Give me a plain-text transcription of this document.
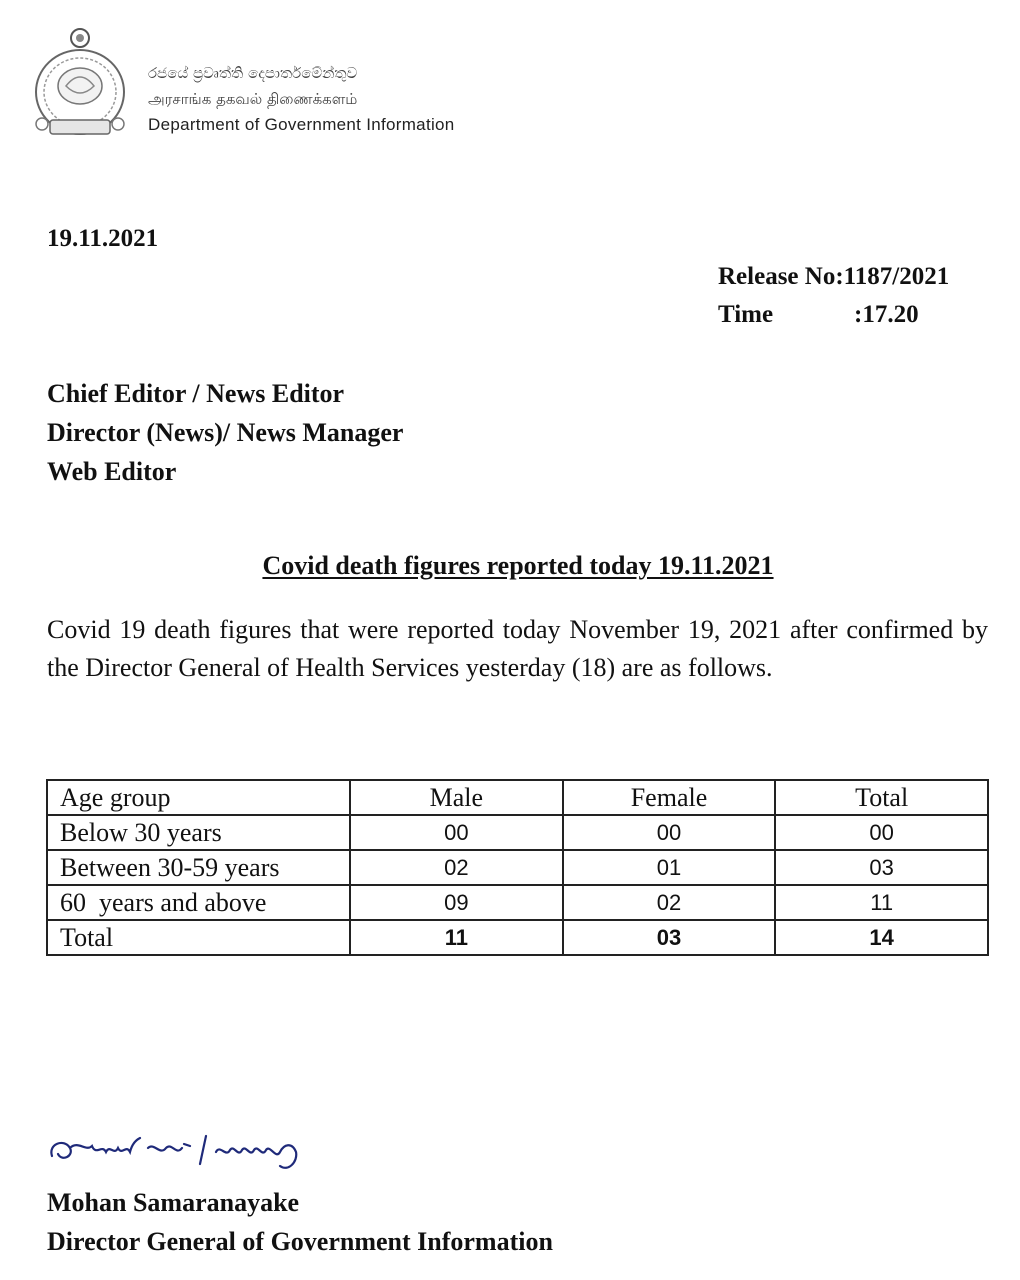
රජයේ ප්‍රවෘත්ති දෙපාර්තමේන්තුව
அரசாங்க தகவல் திணைக்களம்
Department of Government Information
19.11.2021
Release No:1187/2021
Time	:17.20
Chief Editor / News Editor
Director (News)/ News Manager
Web Editor
Covid death figures reported today 19.11.2021
Covid 19 death figures that were reported today November 19, 2021 after confirmed by the Director General of Health Services yesterday (18) are as follows.
Age group	Male	Female	Total
Below 30 years	00	00	00
Between 30-59 years	02	01	03
60  years and above	09	02	11
Total	11	03	14
Mohan Samaranayake
Director General of Government Information
